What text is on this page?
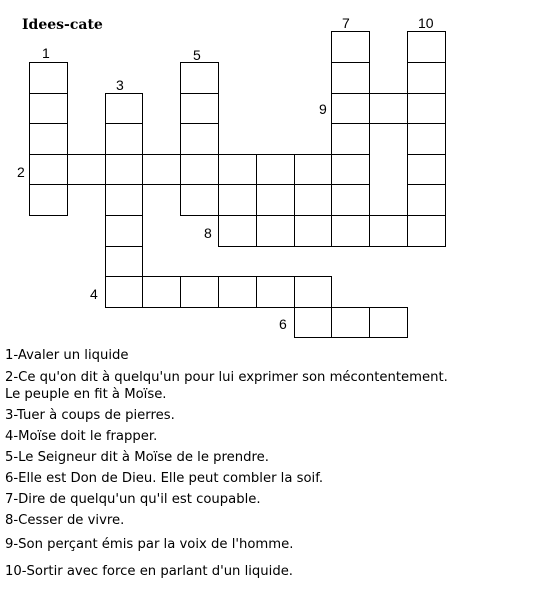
Idees-cate
1
2
3
4
5
6
7
8
9
10
1-Avaler un liquide
2-Ce qu'on dit à quelqu'un pour lui exprimer son mécontentement.
Le peuple en fit à Moïse.
3-Tuer à coups de pierres.
4-Moïse doit le frapper.
5-Le Seigneur dit à Moïse de le prendre.
6-Elle est Don de Dieu. Elle peut combler la soif.
7-Dire de quelqu'un qu'il est coupable.
8-Cesser de vivre.
9-Son perçant émis par la voix de l'homme.
10-Sortir avec force en parlant d'un liquide.
